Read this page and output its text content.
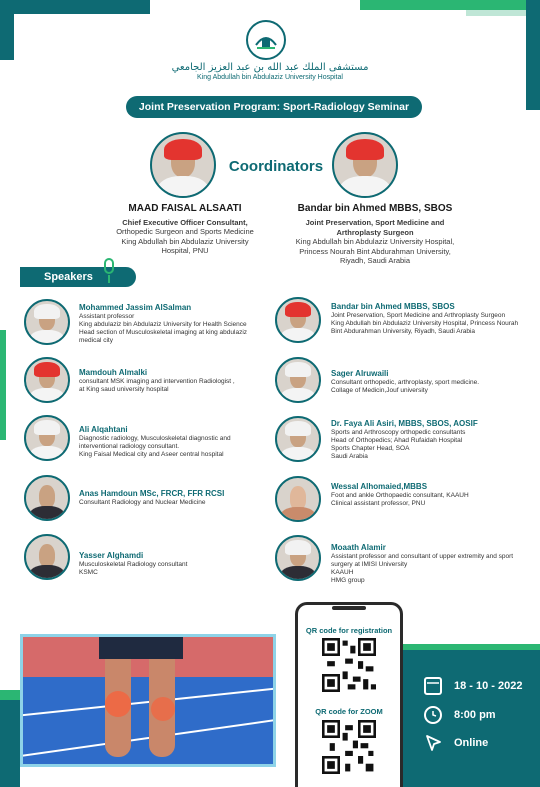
مستشفى الملك عبد الله بن عبد العزيز الجامعي
King Abdullah bin Abdulaziz University Hospital
Joint Preservation Program: Sport-Radiology Seminar
Coordinators
MAAD FAISAL ALSAATI
Chief Executive Officer Consultant,
Orthopedic Surgeon and Sports Medicine King Abdullah bin Abdulaziz University Hospital, PNU
Bandar bin Ahmed MBBS, SBOS
Joint Preservation, Sport Medicine and Arthroplasty Surgeon
King Abdullah bin Abdulaziz University Hospital, Princess Nourah Bint Abdurahman University, Riyadh, Saudi Arabia
Speakers
Mohammed Jassim AlSalman
Assistant professor
King abdulaziz bin Abdulaziz University for Health Science
Head section of Musculoskeletal imaging at king abdulaziz medical city
Mamdouh Almalki
consultant MSK imaging and intervention Radiologist ,
at King saud university hospital
Ali Alqahtani
Diagnostic radiology, Musculoskeletal diagnostic and interventional radiology consultant.
King Faisal Medical city and Aseer central hospital
Anas Hamdoun MSc, FRCR, FFR RCSI
Consultant Radiology and Nuclear Medicine
Yasser Alghamdi
Musculoskeletal Radiology consultant
KSMC
Bandar bin Ahmed MBBS, SBOS
Joint Preservation, Sport Medicine and Arthroplasty Surgeon
King Abdullah bin Abdulaziz University Hospital, Princess Nourah Bint Abdurahman University, Riyadh, Saudi Arabia
Sager Alruwaili
Consultant orthopedic, arthroplasty, sport medicine.
Collage of Medicin,Jouf university
Dr. Faya Ali Asiri, MBBS, SBOS, AOSIF
Sports and Arthroscopy orthopedic consultants
Head of Orthopedics; Ahad Rufaidah Hospital
Sports Chapter Head, SOA
Saudi Arabia
Wessal Alhomaied,MBBS
Foot and ankle Orthopaedic consultant, KAAUH
Clinical assistant professor, PNU
Moaath Alamir
Assistant professor and consultant of upper extremity and sport surgery at IMISI University
KAAUH
HMG group
QR code for registration
QR code for ZOOM
18 - 10 - 2022
8:00 pm
Online
